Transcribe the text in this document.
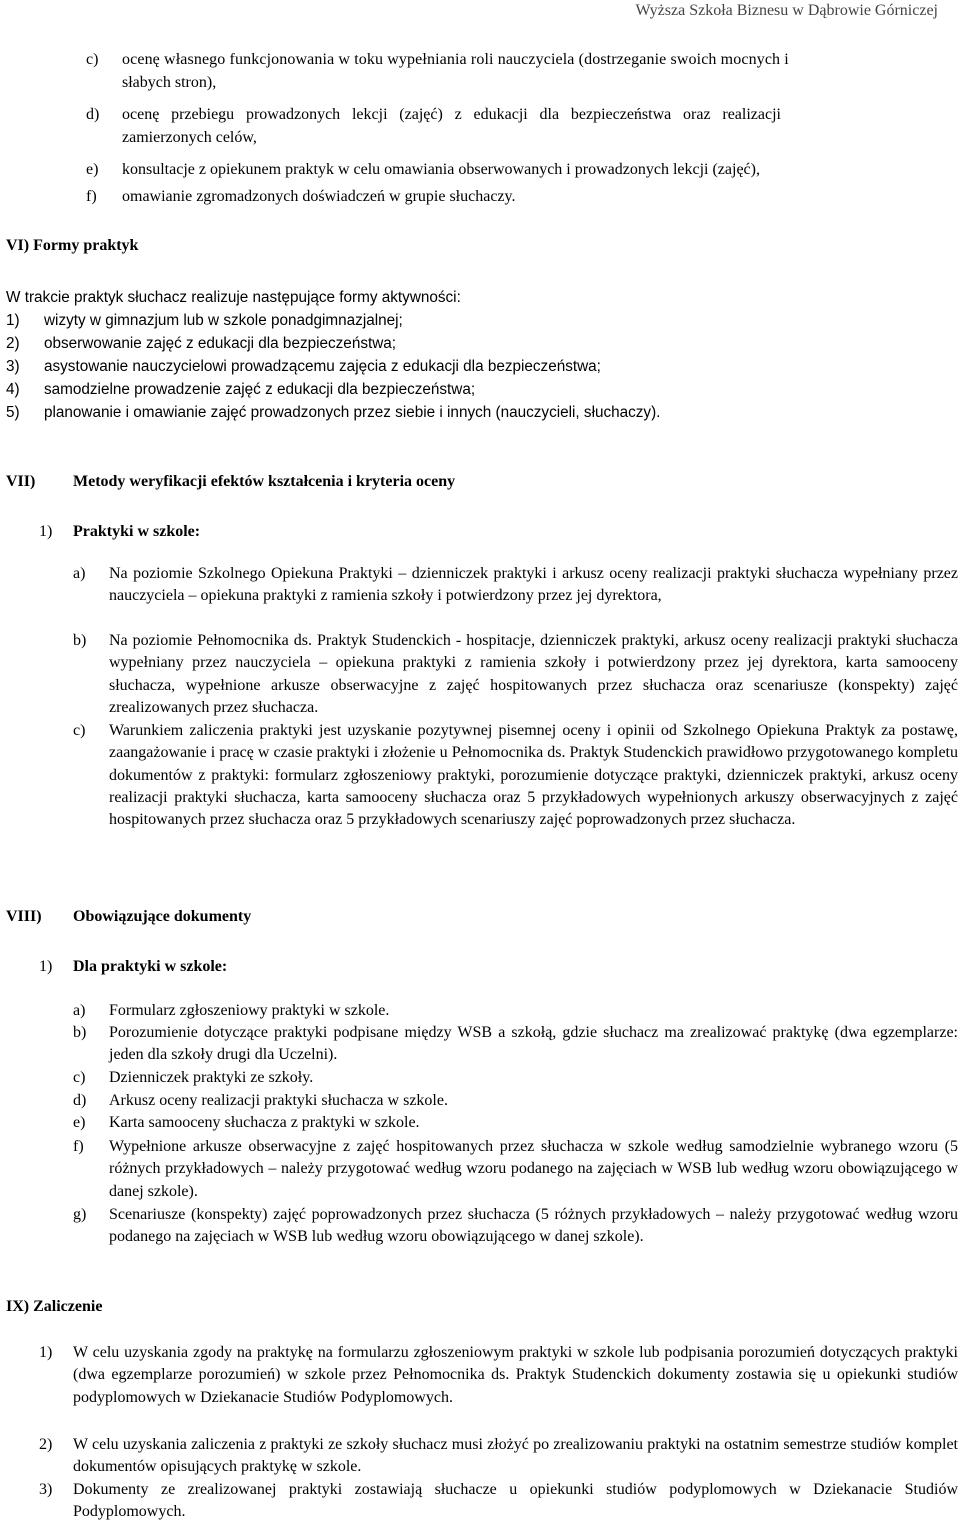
Wyższa Szkoła Biznesu w Dąbrowie Górniczej
c) ocenę własnego funkcjonowania w toku wypełniania roli nauczyciela (dostrzeganie swoich mocnych i
słabych stron),
d) ocenę przebiegu prowadzonych lekcji (zajęć) z edukacji dla bezpieczeństwa oraz realizacji
zamierzonych celów,
e) konsultacje z opiekunem praktyk w celu omawiania obserwowanych i prowadzonych lekcji (zajęć),
f) omawianie zgromadzonych doświadczeń w grupie słuchaczy.
VI) Formy praktyk
W trakcie praktyk słuchacz realizuje następujące formy aktywności:
1) wizyty w gimnazjum lub w szkole ponadgimnazjalnej;
2) obserwowanie zajęć z edukacji dla bezpieczeństwa;
3) asystowanie nauczycielowi prowadzącemu zajęcia z edukacji dla bezpieczeństwa;
4) samodzielne prowadzenie zajęć z edukacji dla bezpieczeństwa;
5) planowanie i omawianie zajęć prowadzonych przez siebie i innych (nauczycieli, słuchaczy).
VII) Metody weryfikacji efektów kształcenia i kryteria oceny
1) Praktyki w szkole:
a) Na poziomie Szkolnego Opiekuna Praktyki – dzienniczek praktyki i arkusz oceny realizacji praktyki słuchacza wypełniany przez nauczyciela – opiekuna praktyki z ramienia szkoły i potwierdzony przez jej dyrektora,
b) Na poziomie Pełnomocnika ds. Praktyk Studenckich - hospitacje, dzienniczek praktyki, arkusz oceny realizacji praktyki słuchacza wypełniany przez nauczyciela – opiekuna praktyki z ramienia szkoły i potwierdzony przez jej dyrektora, karta samooceny słuchacza, wypełnione arkusze obserwacyjne z zajęć hospitowanych przez słuchacza oraz scenariusze (konspekty) zajęć zrealizowanych przez słuchacza.
c) Warunkiem zaliczenia praktyki jest uzyskanie pozytywnej pisemnej oceny i opinii od Szkolnego Opiekuna Praktyk za postawę, zaangażowanie i pracę w czasie praktyki i złożenie u Pełnomocnika ds. Praktyk Studenckich prawidłowo przygotowanego kompletu dokumentów z praktyki: formularz zgłoszeniowy praktyki, porozumienie dotyczące praktyki, dzienniczek praktyki, arkusz oceny realizacji praktyki słuchacza, karta samooceny słuchacza oraz 5 przykładowych wypełnionych arkuszy obserwacyjnych z zajęć hospitowanych przez słuchacza oraz 5 przykładowych scenariuszy zajęć poprowadzonych przez słuchacza.
VIII) Obowiązujące dokumenty
1) Dla praktyki w szkole:
a) Formularz zgłoszeniowy praktyki w szkole.
b) Porozumienie dotyczące praktyki podpisane między WSB a szkołą, gdzie słuchacz ma zrealizować praktykę (dwa egzemplarze: jeden dla szkoły drugi dla Uczelni).
c) Dzienniczek praktyki ze szkoły.
d) Arkusz oceny realizacji praktyki słuchacza w szkole.
e) Karta samooceny słuchacza z praktyki w szkole.
f) Wypełnione arkusze obserwacyjne z zajęć hospitowanych przez słuchacza w szkole według samodzielnie wybranego wzoru (5 różnych przykładowych – należy przygotować według wzoru podanego na zajęciach w WSB lub według wzoru obowiązującego w danej szkole).
g) Scenariusze (konspekty) zajęć poprowadzonych przez słuchacza (5 różnych przykładowych – należy przygotować według wzoru podanego na zajęciach w WSB lub według wzoru obowiązującego w danej szkole).
IX) Zaliczenie
1) W celu uzyskania zgody na praktykę na formularzu zgłoszeniowym praktyki w szkole lub podpisania porozumień dotyczących praktyki (dwa egzemplarze porozumień) w szkole przez Pełnomocnika ds. Praktyk Studenckich dokumenty zostawia się u opiekunki studiów podyplomowych w Dziekanacie Studiów Podyplomowych.
2) W celu uzyskania zaliczenia z praktyki ze szkoły słuchacz musi złożyć po zrealizowaniu praktyki na ostatnim semestrze studiów komplet dokumentów opisujących praktykę w szkole.
3) Dokumenty ze zrealizowanej praktyki zostawiają słuchacze u opiekunki studiów podyplomowych w Dziekanacie Studiów Podyplomowych.
